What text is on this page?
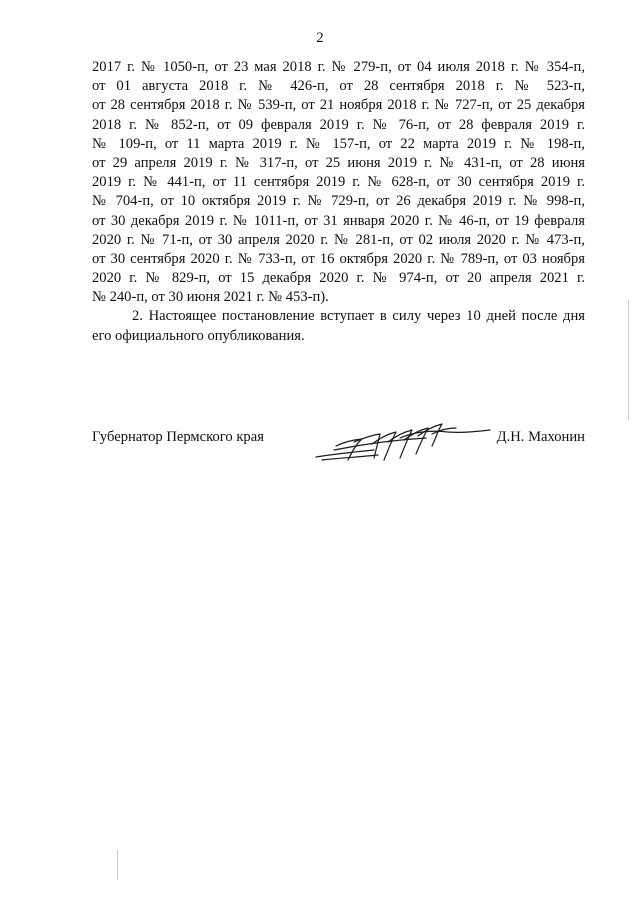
2
2017 г. № 1050-п, от 23 мая 2018 г. № 279-п, от 04 июля 2018 г. № 354-п,
от 01 августа 2018 г. № 426-п, от 28 сентября 2018 г. № 523-п,
от 28 сентября 2018 г. № 539-п, от 21 ноября 2018 г. № 727-п, от 25 декабря
2018 г. № 852-п, от 09 февраля 2019 г. № 76-п, от 28 февраля 2019 г.
№ 109-п, от 11 марта 2019 г. № 157-п, от 22 марта 2019 г. № 198-п,
от 29 апреля 2019 г. № 317-п, от 25 июня 2019 г. № 431-п, от 28 июня
2019 г. № 441-п, от 11 сентября 2019 г. № 628-п, от 30 сентября 2019 г.
№ 704-п, от 10 октября 2019 г. № 729-п, от 26 декабря 2019 г. № 998-п,
от 30 декабря 2019 г. № 1011-п, от 31 января 2020 г. № 46-п, от 19 февраля
2020 г. № 71-п, от 30 апреля 2020 г. № 281-п, от 02 июля 2020 г. № 473-п,
от 30 сентября 2020 г. № 733-п, от 16 октября 2020 г. № 789-п, от 03 ноября
2020 г. № 829-п, от 15 декабря 2020 г. № 974-п, от 20 апреля 2021 г.
№ 240-п, от 30 июня 2021 г. № 453-п).
2. Настоящее постановление вступает в силу через 10 дней после дня
его официального опубликования.
Губернатор Пермского края	Д.Н. Махонин
